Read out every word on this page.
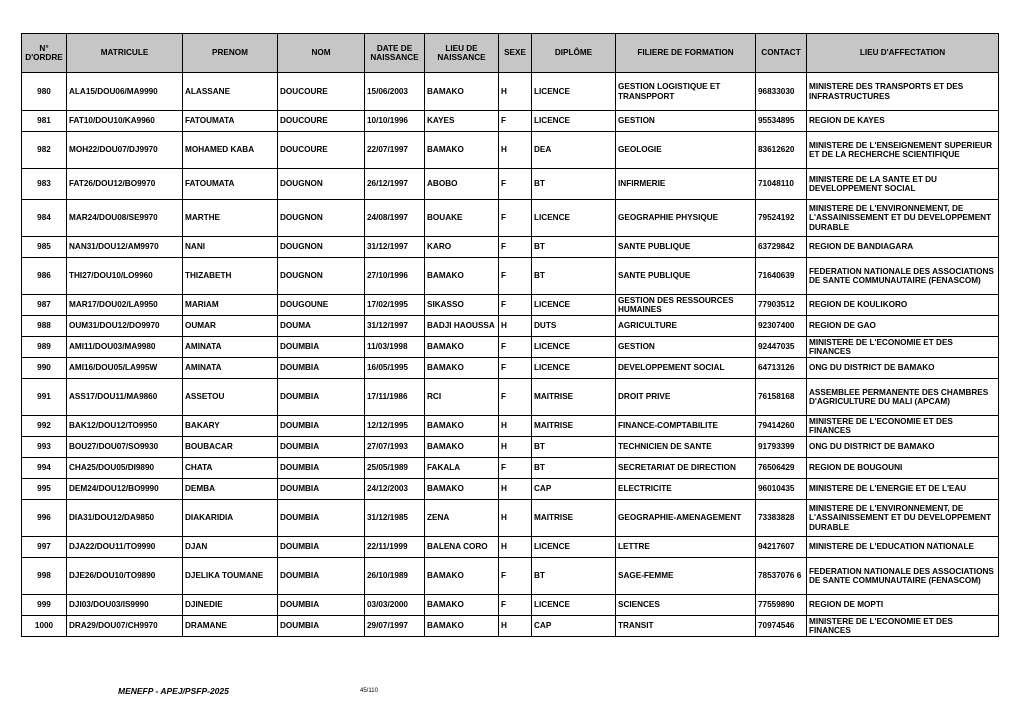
N° D'ORDRE	MATRICULE	PRENOM	NOM	DATE DE NAISSANCE	LIEU DE NAISSANCE	SEXE	DIPLÔME	FILIERE DE FORMATION	CONTACT	LIEU D'AFFECTATION
980	ALA15/DOU06/MA9990	ALASSANE	DOUCOURE	15/06/2003	BAMAKO	H	LICENCE	GESTION LOGISTIQUE ET TRANSPPORT	96833030	MINISTERE DES TRANSPORTS ET DES INFRASTRUCTURES
981	FAT10/DOU10/KA9960	FATOUMATA	DOUCOURE	10/10/1996	KAYES	F	LICENCE	GESTION	95534895	REGION DE KAYES
982	MOH22/DOU07/DJ9970	MOHAMED KABA	DOUCOURE	22/07/1997	BAMAKO	H	DEA	GEOLOGIE	83612620	MINISTERE DE L'ENSEIGNEMENT SUPERIEUR ET DE LA RECHERCHE SCIENTIFIQUE
983	FAT26/DOU12/BO9970	FATOUMATA	DOUGNON	26/12/1997	ABOBO	F	BT	INFIRMERIE	71048110	MINISTERE DE LA SANTE ET DU DEVELOPPEMENT SOCIAL
984	MAR24/DOU08/SE9970	MARTHE	DOUGNON	24/08/1997	BOUAKE	F	LICENCE	GEOGRAPHIE PHYSIQUE	79524192	MINISTERE DE L'ENVIRONNEMENT, DE L'ASSAINISSEMENT ET DU DEVELOPPEMENT DURABLE
985	NAN31/DOU12/AM9970	NANI	DOUGNON	31/12/1997	KARO	F	BT	SANTE PUBLIQUE	63729842	REGION DE BANDIAGARA
986	THI27/DOU10/LO9960	THIZABETH	DOUGNON	27/10/1996	BAMAKO	F	BT	SANTE PUBLIQUE	71640639	FEDERATION NATIONALE DES ASSOCIATIONS DE SANTE COMMUNAUTAIRE (FENASCOM)
987	MAR17/DOU02/LA9950	MARIAM	DOUGOUNE	17/02/1995	SIKASSO	F	LICENCE	GESTION DES RESSOURCES HUMAINES	77903512	REGION DE KOULIKORO
988	OUM31/DOU12/DO9970	OUMAR	DOUMA	31/12/1997	BADJI HAOUSSA	H	DUTS	AGRICULTURE	92307400	REGION DE GAO
989	AMI11/DOU03/MA9980	AMINATA	DOUMBIA	11/03/1998	BAMAKO	F	LICENCE	GESTION	92447035	MINISTERE DE L'ECONOMIE ET DES FINANCES
990	AMI16/DOU05/LA995W	AMINATA	DOUMBIA	16/05/1995	BAMAKO	F	LICENCE	DEVELOPPEMENT SOCIAL	64713126	ONG DU DISTRICT DE BAMAKO
991	ASS17/DOU11/MA9860	ASSETOU	DOUMBIA	17/11/1986	RCI	F	MAITRISE	DROIT PRIVE	76158168	ASSEMBLEE PERMANENTE DES CHAMBRES D'AGRICULTURE DU MALI (APCAM)
992	BAK12/DOU12/TO9950	BAKARY	DOUMBIA	12/12/1995	BAMAKO	H	MAITRISE	FINANCE-COMPTABILITE	79414260	MINISTERE DE L'ECONOMIE ET DES FINANCES
993	BOU27/DOU07/SO9930	BOUBACAR	DOUMBIA	27/07/1993	BAMAKO	H	BT	TECHNICIEN DE SANTE	91793399	ONG DU DISTRICT DE BAMAKO
994	CHA25/DOU05/DI9890	CHATA	DOUMBIA	25/05/1989	FAKALA	F	BT	SECRETARIAT DE DIRECTION	76506429	REGION DE BOUGOUNI
995	DEM24/DOU12/BO9990	DEMBA	DOUMBIA	24/12/2003	BAMAKO	H	CAP	ELECTRICITE	96010435	MINISTERE DE L'ENERGIE ET DE L'EAU
996	DIA31/DOU12/DA9850	DIAKARIDIA	DOUMBIA	31/12/1985	ZENA	H	MAITRISE	GEOGRAPHIE-AMENAGEMENT	73383828	MINISTERE DE L'ENVIRONNEMENT, DE L'ASSAINISSEMENT ET DU DEVELOPPEMENT DURABLE
997	DJA22/DOU11/TO9990	DJAN	DOUMBIA	22/11/1999	BALENA CORO	H	LICENCE	LETTRE	94217607	MINISTERE DE L'EDUCATION NATIONALE
998	DJE26/DOU10/TO9890	DJELIKA TOUMANE	DOUMBIA	26/10/1989	BAMAKO	F	BT	SAGE-FEMME	78537076 6	FEDERATION NATIONALE DES ASSOCIATIONS DE SANTE COMMUNAUTAIRE (FENASCOM)
999	DJI03/DOU03/IS9990	DJINEDIE	DOUMBIA	03/03/2000	BAMAKO	F	LICENCE	SCIENCES	77559890	REGION DE MOPTI
1000	DRA29/DOU07/CH9970	DRAMANE	DOUMBIA	29/07/1997	BAMAKO	H	CAP	TRANSIT	70974546	MINISTERE DE L'ECONOMIE ET DES FINANCES
MENEFP - APEJ/PSFP-2025	45/110
